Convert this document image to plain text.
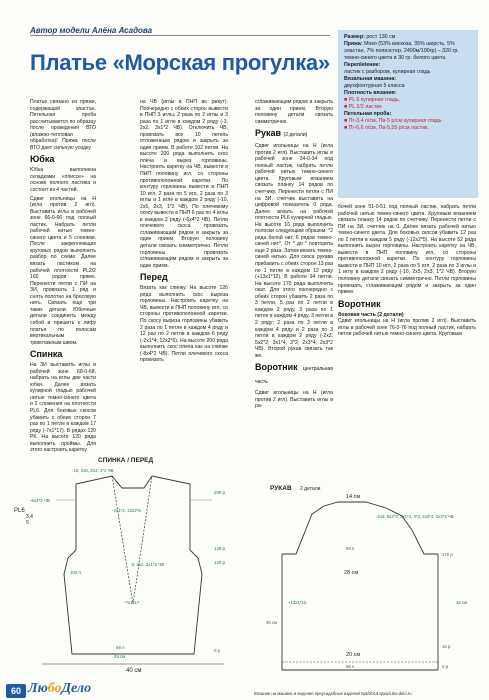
Автор модели Алёна Асадова
Платье «Морская прогулка»
Размер: рост 130 см
Пряжа: Моко (53% вискоза, 35% шерсть, 5% эластан, 7% полиэстер, 2400м/100гр) – 320 гр. темно-синего цвета и 30 гр. белого цвета
Перепletение:
ластик с разбором, кулирная гладь
Вязальная машина:
двухфонтурная 5 класса
Плотность вязания:
■ PL 6 кулирная гладь,
■ PL 2/2 ластик
Петельная проба:
■ Пг-3,4 п/см, Пв-5 р/см кулирная гладь
■ Пг-6,6 п/см, Пв-5,55 р/см ластик.

Платье связано из пряжи, содержащей эластан. Петельная проба рассчитывается по образцу после проведения ВТО (влажно-тепловая обработка)! Пряжа после ВТО дает сильную усадку.

Юбка

Юбка выполнена складками «плиссе» на основе полного ластика и состоит из 4 частей.

Сдвиг игольницы на Н (игла против 2 игл). Выставить иглы в рабочей зоне 66-0-66 под полный ластик. Набрать петли рабочей нитью темно-синего цвета и 5 слоеями. После закрепляющих круговых рядов выполнить разбор по схеме. Далее вязать ластиком на рабочей плотности PL2/2 160 рядов прямо. Перенести петли с ПИ на ЗИ, провязать 1 ряд и снять полотно на бросовую нить. Связать еще три таких детали. Юбочные детали соединить между собой и пришить к лифу платья по полосам вертикальным трикотажным швом.

Спинка

На ЗИ выставить иглы в рабочей зоне 68-0-68, набрать на иглы две части юбки. Далее вязать кулирной гладью рабочей нитью темно-синего цвета и 2 сложения на плотности PL6. Для боковых скосов убавить с обеих сторон 7 раз по 1 петле в каждом 17 ряду (-7х1*17). В рядах 120 РК. На высоте 120 ряда выполнить проймы. Для этого настроить каретку

на ЧВ (иглы в ПНП во ржкут). Поочередно с обеих сторон вывести в ПНП 3 иглы, 2 раза по 2 иглы и 3 раза по 1 игле в каждом 2 ряду (-3, 2х2, 3х1*2 ЧВ). Отключить ЧВ, провязать все 10 петель отложенным рядом и закрыть за один прием. В работе 102 петли. На высоте 200 ряда выполнить скос плеча и вырез горловины. Настроить каретку на ЧВ, вывести в ПНП половину игл, со стороны противоположной каретки. По контуру горловины вывести в ПНП 10 игл, 2 раза по 5 игл, 2 раза по 3 иглы и 1 игле в каждом 2 ряду (-10, 2х5, 2х3, 1*2 ЧВ). По плечевому скосу вывести в ПНП 6 раз по 4 иглы в каждом 2 ряду (-6х4*2 ЧВ). Петли плечевого скоса провязать сглаживающим рядом и закрыть за один прием. Вторую половину детали связать симметрично. Петли горловины провязать сглаживающим рядом и закрыть за один прием.

Перед

Вязать как спинку. На высоте 126 ряда выполнить скос выреза горловины. Настроить каретку на ЧВ, вывести в ПНП половину игл, со стороны противоположной каретки. По скосу выреза горловины убавить 2 раза по 1 петле в каждом 4 ряду и 12 раз по 2 петли в каждом 6 ряду (-2х1*4; 12х2*6). На высоте 200 ряда выполнить скос плеча как на спинке (-8х4*2 ЧВ). Петли плечевого скоса провязать

сглаживающим рядом и закрыть за один прием. Вторую половину детали связать симметрично.

Рукав (2 детали)

Сдвиг игольницы на Н (игла против 2 игл). Выставить иглы в рабочей зоне 34-0-34 под полный ластик, набрать петли рабочей нитью темно-синего цвета. Круговым вязанием связать планку 14 рядов по счетчику. Перенести петли с ПИ на ЗИ, счетчик выставить на цифровой показатель 0 ряда. Далее вязать на рабочей плотности PL6 кулирной гладью. На высоте 16 ряда выполнить полоски следующим образом: *2 ряда белой нит, 6 рядов темно-синей нит*. От * до * повторить еще 2 раза. Затем вязать темно-синей нитью. Для скоса рукава прибавить с обеих сторон 13 раз по 1 петле в каждом 12 ряду (+13х1*12). В работе 94 петли. На высоте 170 ряда выполнить окат. Для этого поочередно с обеих сторон убавить 2 раза по 3 петли, 5 раз по 2 петли в каждом 2 ряду, 3 раза по 1 петле в каждом 4 ряду, 3 петли в 2 ряду; 2 раза по 3 петли в каждом 4 ряду и 2 раза по 3 петли в каждом 2 ряду (-2х3, 5х2*2; 3х1*4, 3*2; 2х3*4; 2х3*2 ЧВ). Второй рукав связать так же.

Воротник центральная часть

Сдвиг игольницы на Н (игла против 2 игл). Выставить иглы в ра-

бочей зоне 51-0-51 под полный ластик, набрать петли рабочей нитью темно-синего цвета. Круговым вязанием связать планку 14 рядов по счетчику. Перенести петли с ПИ на ЗИ, счетчик на 0. Далее вязать рабочей нитью темно-синего цвета. Для боковых скосов убавить 12 раз по 2 петли в каждом 5 ряду (-12х2*5). На высоте 52 ряда выполнить вырез горловины. Настроить каретку на ЧВ, вывести в ПНП половину игл, со стороны противоположной каретки. По контуру горловины вывести в ПНП 10 игл, 2 раза по 5 игл, 2 раза по 3 иглы и 1 иглу в каждом 2 ряду (-10, 2х5, 2х3, 1*2 ЧВ). Вторую половину детали связать симметрично. Петли горловины провязать сглаживающим рядом и закрыть за один прием.

Воротник
боковая часть (2 детали)

Сдвиг игольницы на Н (игла против 2 игл). Выставить иглы в рабочей зоне 76-0-76 под полный ластик, набрать петли рабочей нитью темно-синего цвета. Круговым

СПИНКА / ПЕРЕД
PL6
3,4
5
40 см
-10, 2х5, 2х3, 1*2 ЧВ
-6х4*2 ЧВ
-2х1*4, 12х2*6
200 р
126 р
120 р
-3, 2х2, 3х1*2 ЧВ
-7х1*17
102 п
68 п
24 см
0 р
РУКАВ 2 детали
14 см
28 см
20 см
-2х3, 5х2*2, 3х1*4, 3*2, 2х3*4, 2х3*2 ЧВ
+13х1*12
94 п
170 р
16 р
0 р
68 п
46 см
34 см
60 ЛюбоДело	Вязание на машине и ведение приусадебных изделий №5/2013 www.lubo-delo.ru
